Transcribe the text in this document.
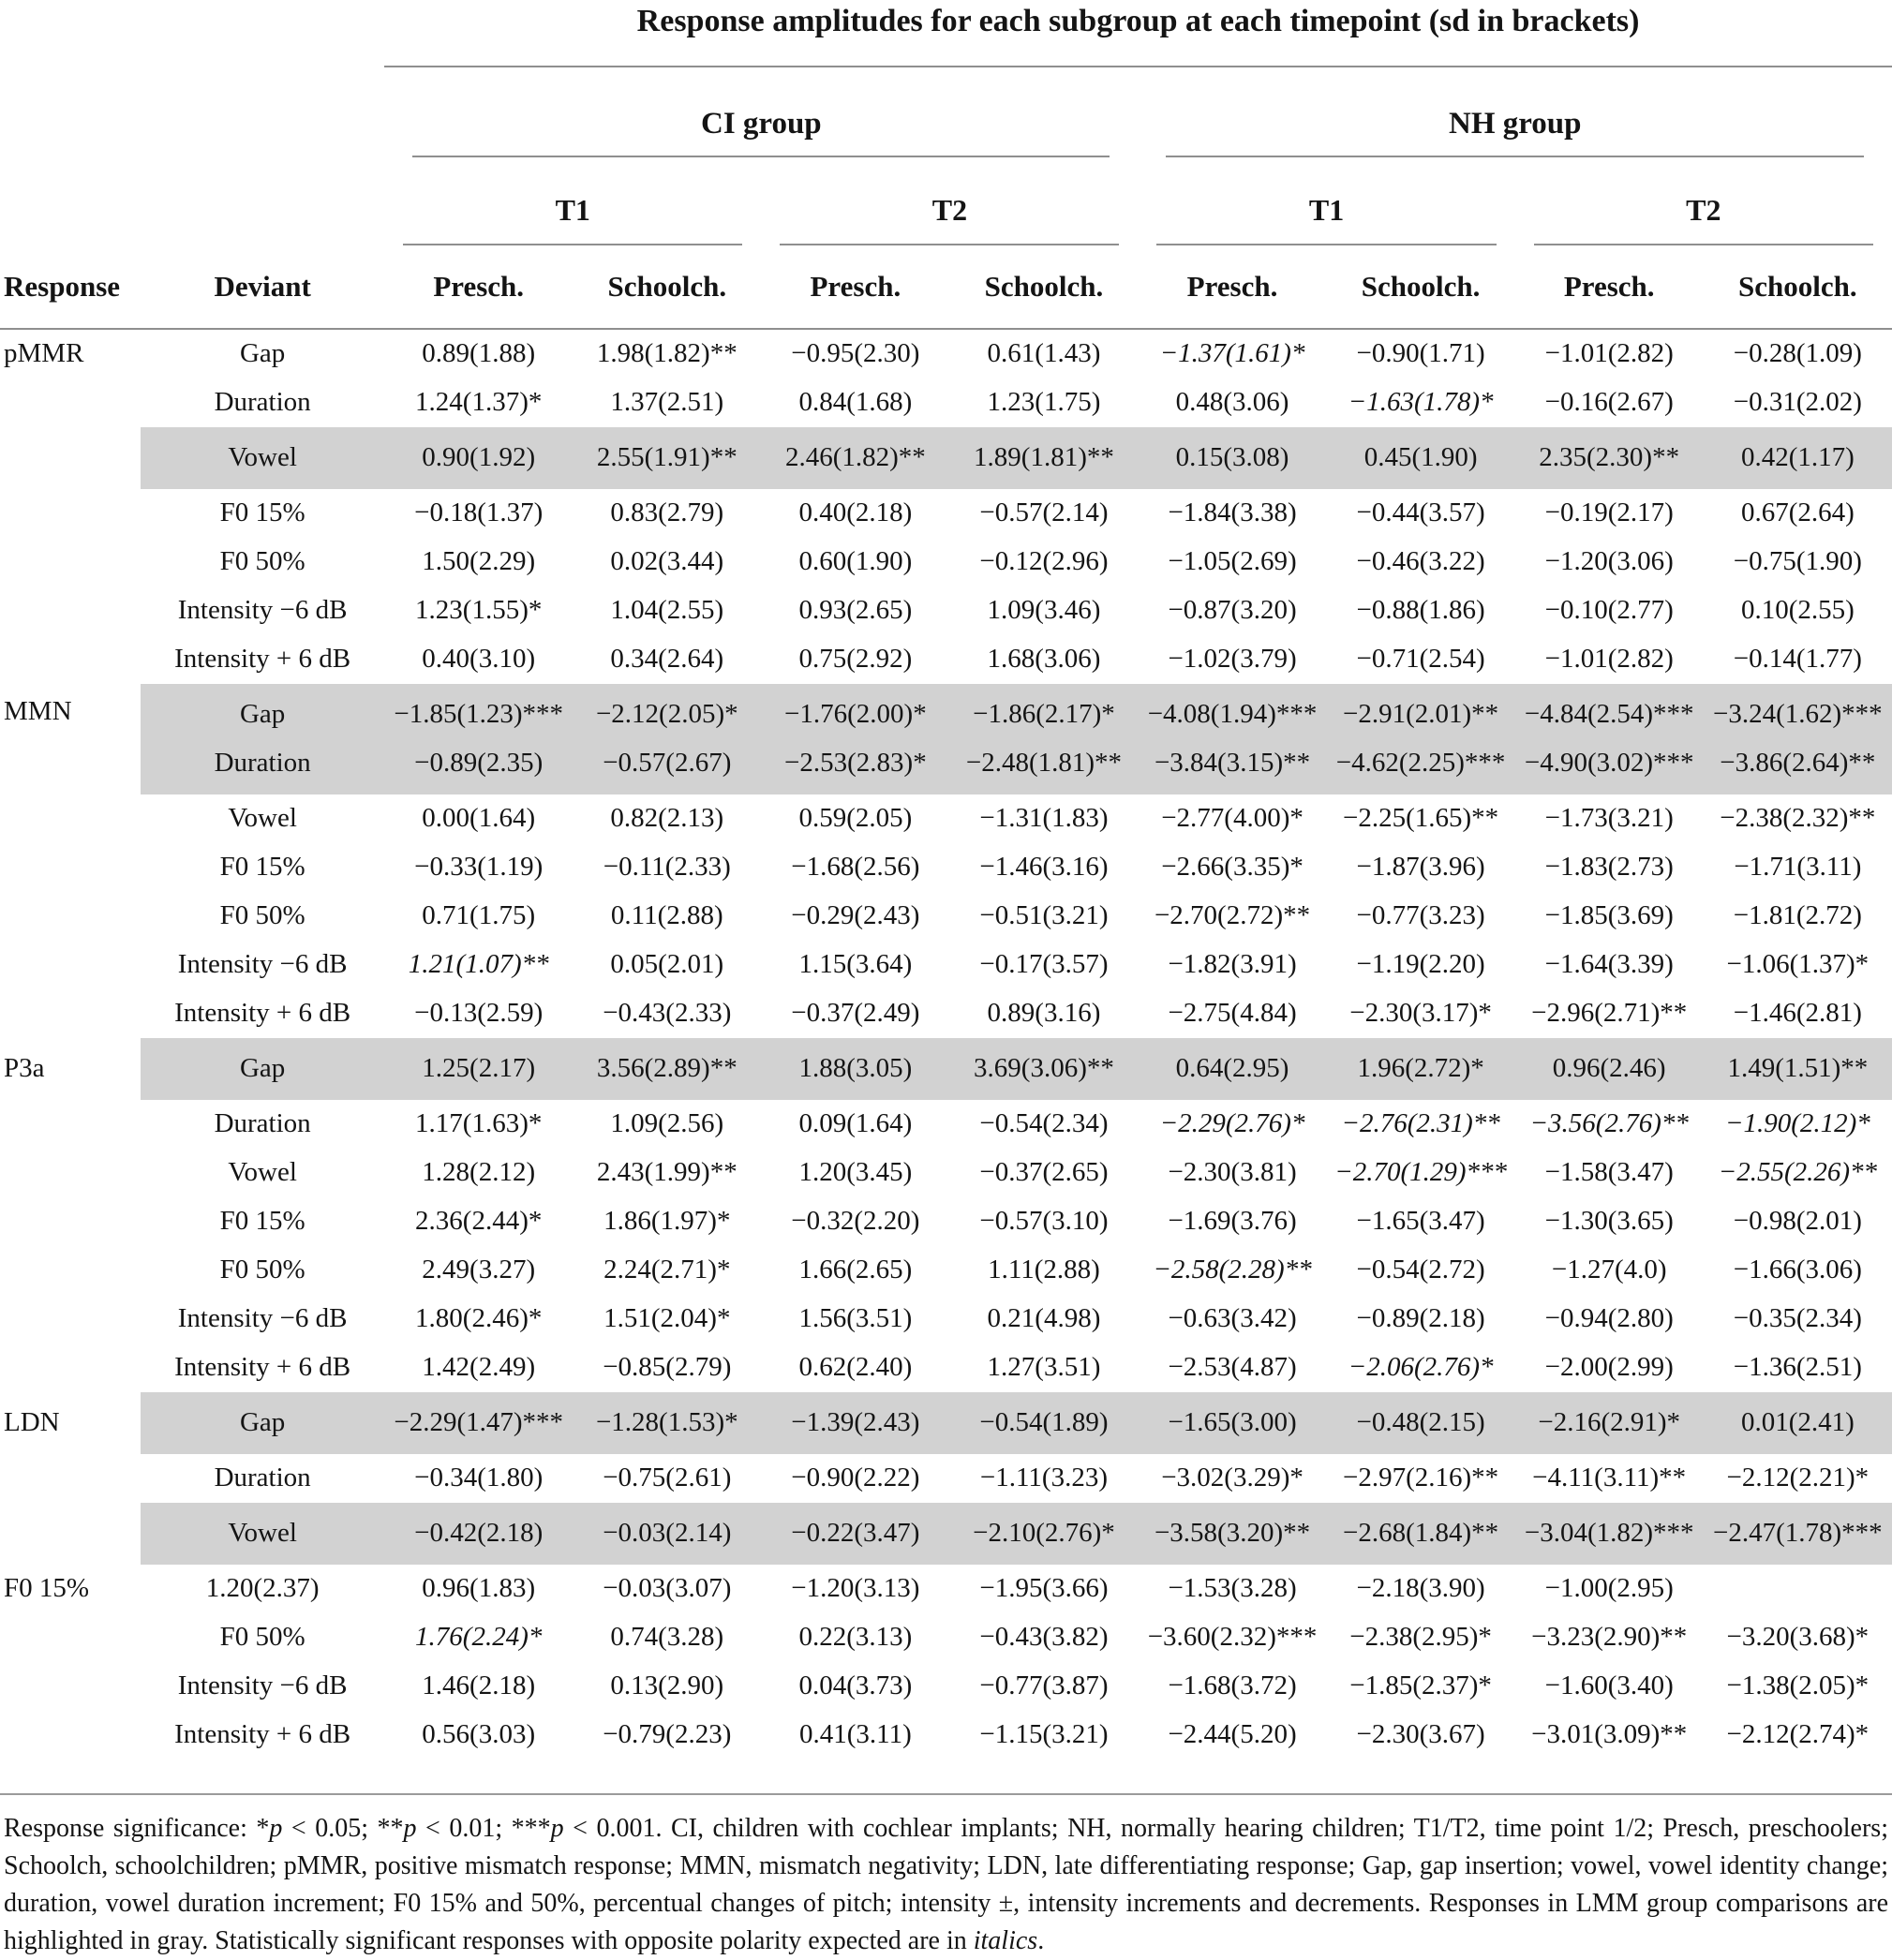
		Response amplitudes for each subgroup at each timepoint (sd in brackets)							

		CI group				NH group			

		T1		T2		T1		T2	

Response	Deviant	Presch.	Schoolch.	Presch.	Schoolch.	Presch.	Schoolch.	Presch.	Schoolch.
pMMR	Gap	0.89(1.88)	1.98(1.82)**	−0.95(2.30)	0.61(1.43)	−1.37(1.61)*	−0.90(1.71)	−1.01(2.82)	−0.28(1.09)
	Duration	1.24(1.37)*	1.37(2.51)	0.84(1.68)	1.23(1.75)	0.48(3.06)	−1.63(1.78)*	−0.16(2.67)	−0.31(2.02)
	Vowel	0.90(1.92)	2.55(1.91)**	2.46(1.82)**	1.89(1.81)**	0.15(3.08)	0.45(1.90)	2.35(2.30)**	0.42(1.17)
	F0 15%	−0.18(1.37)	0.83(2.79)	0.40(2.18)	−0.57(2.14)	−1.84(3.38)	−0.44(3.57)	−0.19(2.17)	0.67(2.64)
	F0 50%	1.50(2.29)	0.02(3.44)	0.60(1.90)	−0.12(2.96)	−1.05(2.69)	−0.46(3.22)	−1.20(3.06)	−0.75(1.90)
	Intensity −6 dB	1.23(1.55)*	1.04(2.55)	0.93(2.65)	1.09(3.46)	−0.87(3.20)	−0.88(1.86)	−0.10(2.77)	0.10(2.55)
	Intensity + 6 dB	0.40(3.10)	0.34(2.64)	0.75(2.92)	1.68(3.06)	−1.02(3.79)	−0.71(2.54)	−1.01(2.82)	−0.14(1.77)
MMN	Gap	−1.85(1.23)***	−2.12(2.05)*	−1.76(2.00)*	−1.86(2.17)*	−4.08(1.94)***	−2.91(2.01)**	−4.84(2.54)***	−3.24(1.62)***
	Duration	−0.89(2.35)	−0.57(2.67)	−2.53(2.83)*	−2.48(1.81)**	−3.84(3.15)**	−4.62(2.25)***	−4.90(3.02)***	−3.86(2.64)**
	Vowel	0.00(1.64)	0.82(2.13)	0.59(2.05)	−1.31(1.83)	−2.77(4.00)*	−2.25(1.65)**	−1.73(3.21)	−2.38(2.32)**
	F0 15%	−0.33(1.19)	−0.11(2.33)	−1.68(2.56)	−1.46(3.16)	−2.66(3.35)*	−1.87(3.96)	−1.83(2.73)	−1.71(3.11)
	F0 50%	0.71(1.75)	0.11(2.88)	−0.29(2.43)	−0.51(3.21)	−2.70(2.72)**	−0.77(3.23)	−1.85(3.69)	−1.81(2.72)
	Intensity −6 dB	1.21(1.07)**	0.05(2.01)	1.15(3.64)	−0.17(3.57)	−1.82(3.91)	−1.19(2.20)	−1.64(3.39)	−1.06(1.37)*
	Intensity + 6 dB	−0.13(2.59)	−0.43(2.33)	−0.37(2.49)	0.89(3.16)	−2.75(4.84)	−2.30(3.17)*	−2.96(2.71)**	−1.46(2.81)
P3a	Gap	1.25(2.17)	3.56(2.89)**	1.88(3.05)	3.69(3.06)**	0.64(2.95)	1.96(2.72)*	0.96(2.46)	1.49(1.51)**
	Duration	1.17(1.63)*	1.09(2.56)	0.09(1.64)	−0.54(2.34)	−2.29(2.76)*	−2.76(2.31)**	−3.56(2.76)**	−1.90(2.12)*
	Vowel	1.28(2.12)	2.43(1.99)**	1.20(3.45)	−0.37(2.65)	−2.30(3.81)	−2.70(1.29)***	−1.58(3.47)	−2.55(2.26)**
	F0 15%	2.36(2.44)*	1.86(1.97)*	−0.32(2.20)	−0.57(3.10)	−1.69(3.76)	−1.65(3.47)	−1.30(3.65)	−0.98(2.01)
	F0 50%	2.49(3.27)	2.24(2.71)*	1.66(2.65)	1.11(2.88)	−2.58(2.28)**	−0.54(2.72)	−1.27(4.0)	−1.66(3.06)
	Intensity −6 dB	1.80(2.46)*	1.51(2.04)*	1.56(3.51)	0.21(4.98)	−0.63(3.42)	−0.89(2.18)	−0.94(2.80)	−0.35(2.34)
	Intensity + 6 dB	1.42(2.49)	−0.85(2.79)	0.62(2.40)	1.27(3.51)	−2.53(4.87)	−2.06(2.76)*	−2.00(2.99)	−1.36(2.51)
LDN	Gap	−2.29(1.47)***	−1.28(1.53)*	−1.39(2.43)	−0.54(1.89)	−1.65(3.00)	−0.48(2.15)	−2.16(2.91)*	0.01(2.41)
	Duration	−0.34(1.80)	−0.75(2.61)	−0.90(2.22)	−1.11(3.23)	−3.02(3.29)*	−2.97(2.16)**	−4.11(3.11)**	−2.12(2.21)*
	Vowel	−0.42(2.18)	−0.03(2.14)	−0.22(3.47)	−2.10(2.76)*	−3.58(3.20)**	−2.68(1.84)**	−3.04(1.82)***	−2.47(1.78)***
F0 15%	1.20(2.37)	0.96(1.83)	−0.03(3.07)	−1.20(3.13)	−1.95(3.66)	−1.53(3.28)	−2.18(3.90)	−1.00(2.95)	
	F0 50%	1.76(2.24)*	0.74(3.28)	0.22(3.13)	−0.43(3.82)	−3.60(2.32)***	−2.38(2.95)*	−3.23(2.90)**	−3.20(3.68)*
	Intensity −6 dB	1.46(2.18)	0.13(2.90)	0.04(3.73)	−0.77(3.87)	−1.68(3.72)	−1.85(2.37)*	−1.60(3.40)	−1.38(2.05)*
	Intensity + 6 dB	0.56(3.03)	−0.79(2.23)	0.41(3.11)	−1.15(3.21)	−2.44(5.20)	−2.30(3.67)	−3.01(3.09)**	−2.12(2.74)*
Response significance: *p < 0.05; **p < 0.01; ***p < 0.001. CI, children with cochlear implants; NH, normally hearing children; T1/T2, time point 1/2; Presch, preschoolers; Schoolch, schoolchildren; pMMR, positive mismatch response; MMN, mismatch negativity; LDN, late differentiating response; Gap, gap insertion; vowel, vowel identity change; duration, vowel duration increment; F0 15% and 50%, percentual changes of pitch; intensity ±, intensity increments and decrements. Responses in LMM group comparisons are highlighted in gray. Statistically significant responses with opposite polarity expected are in italics.
